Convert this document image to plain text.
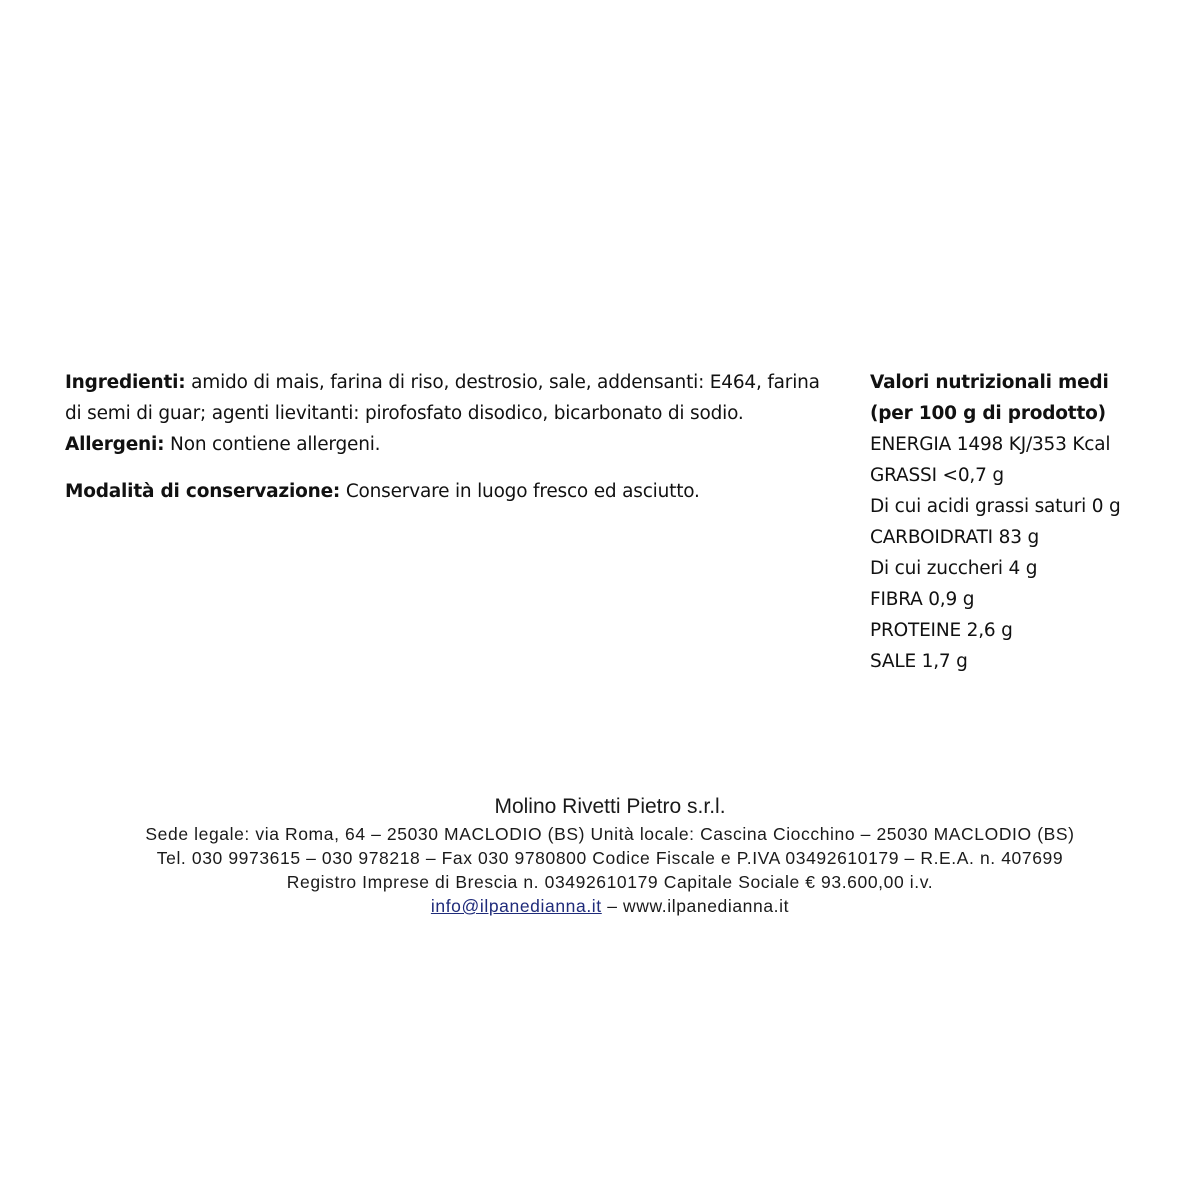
Ingredienti: amido di mais, farina di riso, destrosio, sale, addensanti: E464, farina di semi di guar; agenti lievitanti: pirofosfato disodico, bicarbonato di sodio.

Allergeni: Non contiene allergeni.

Modalità di conservazione: Conservare in luogo fresco ed asciutto.

Valori nutrizionali medi
(per 100 g di prodotto)
ENERGIA 1498 KJ/353 Kcal
GRASSI <0,7 g
Di cui acidi grassi saturi 0 g
CARBOIDRATI 83 g
Di cui zuccheri 4 g
FIBRA 0,9 g
PROTEINE 2,6 g
SALE 1,7 g
Molino Rivetti Pietro s.r.l.
Sede legale: via Roma, 64 – 25030 MACLODIO (BS) Unità locale: Cascina Ciocchino – 25030 MACLODIO (BS)
Tel. 030 9973615 – 030 978218 – Fax 030 9780800 Codice Fiscale e P.IVA 03492610179 – R.E.A. n. 407699
Registro Imprese di Brescia n. 03492610179 Capitale Sociale € 93.600,00 i.v.
info@ilpanedianna.it – www.ilpanedianna.it
